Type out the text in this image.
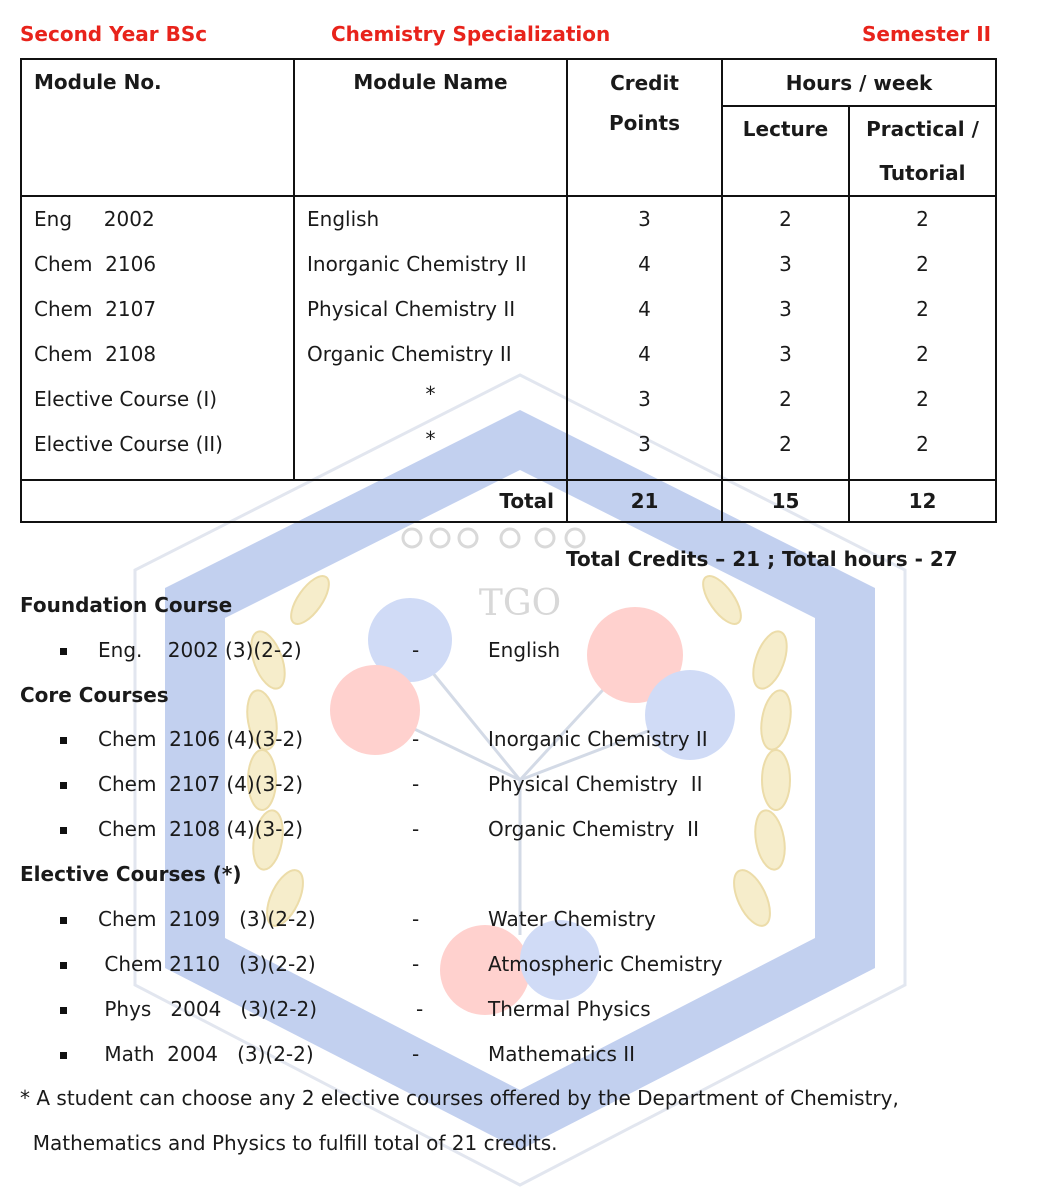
TGO
Second Year BSc	Chemistry Specialization	Semester II
Module No.	Module Name	Credit	Hours / week	
		Points	Lecture	Practical /
				Tutorial
Eng     2002	English	3	2	2
Chem  2106	Inorganic Chemistry II	4	3	2
Chem  2107	Physical Chemistry II	4	3	2
Chem  2108	Organic Chemistry II	4	3	2
Elective Course (I)	*	3	2	2
Elective Course (II)	*	3	2	2

Total		21	15	12
Total Credits – 21 ; Total hours - 27
Foundation Course
Eng.    2002 (3)(2-2)	-	English
Core Courses
Chem  2106 (4)(3-2)	-	Inorganic Chemistry II
Chem  2107 (4)(3-2)	-	Physical Chemistry  II
Chem  2108 (4)(3-2)	-	Organic Chemistry  II
Elective Courses (*)
Chem  2109   (3)(2-2)	-	Water Chemistry
Chem 2110   (3)(2-2)	-	Atmospheric Chemistry
Phys   2004   (3)(2-2)	-	Thermal Physics
Math  2004   (3)(2-2)	-	Mathematics II
* A student can choose any 2 elective courses offered by the Department of Chemistry,
Mathematics and Physics to fulfill total of 21 credits.
